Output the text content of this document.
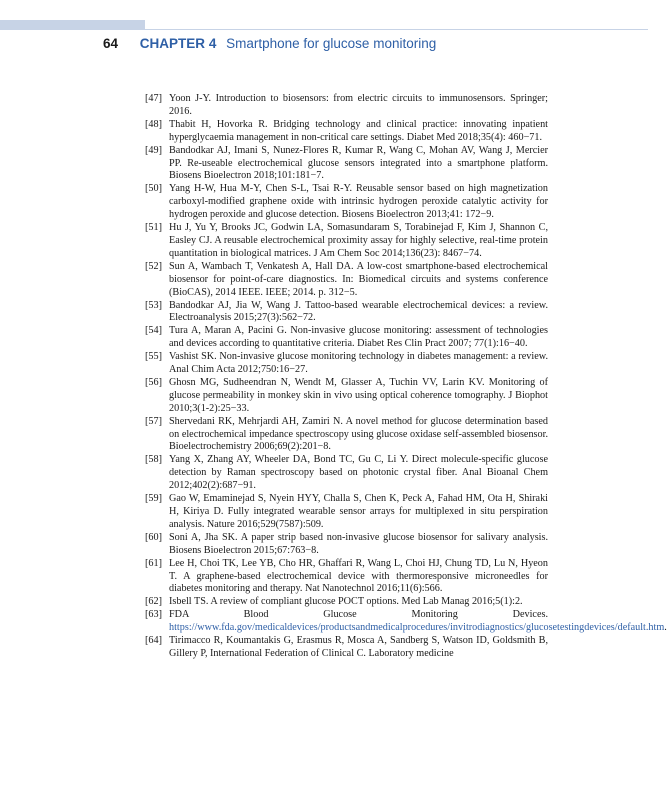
64 CHAPTER 4 Smartphone for glucose monitoring
[47] Yoon J-Y. Introduction to biosensors: from electric circuits to immunosensors. Springer; 2016.
[48] Thabit H, Hovorka R. Bridging technology and clinical practice: innovating inpatient hyperglycaemia management in non-critical care settings. Diabet Med 2018;35(4): 460−71.
[49] Bandodkar AJ, Imani S, Nunez-Flores R, Kumar R, Wang C, Mohan AV, Wang J, Mercier PP. Re-useable electrochemical glucose sensors integrated into a smartphone platform. Biosens Bioelectron 2018;101:181−7.
[50] Yang H-W, Hua M-Y, Chen S-L, Tsai R-Y. Reusable sensor based on high magnetization carboxyl-modified graphene oxide with intrinsic hydrogen peroxide catalytic activity for hydrogen peroxide and glucose detection. Biosens Bioelectron 2013;41: 172−9.
[51] Hu J, Yu Y, Brooks JC, Godwin LA, Somasundaram S, Torabinejad F, Kim J, Shannon C, Easley CJ. A reusable electrochemical proximity assay for highly selective, real-time protein quantitation in biological matrices. J Am Chem Soc 2014;136(23): 8467−74.
[52] Sun A, Wambach T, Venkatesh A, Hall DA. A low-cost smartphone-based electrochemical biosensor for point-of-care diagnostics. In: Biomedical circuits and systems conference (BioCAS), 2014 IEEE. IEEE; 2014. p. 312−5.
[53] Bandodkar AJ, Jia W, Wang J. Tattoo-based wearable electrochemical devices: a review. Electroanalysis 2015;27(3):562−72.
[54] Tura A, Maran A, Pacini G. Non-invasive glucose monitoring: assessment of technologies and devices according to quantitative criteria. Diabet Res Clin Pract 2007; 77(1):16−40.
[55] Vashist SK. Non-invasive glucose monitoring technology in diabetes management: a review. Anal Chim Acta 2012;750:16−27.
[56] Ghosn MG, Sudheendran N, Wendt M, Glasser A, Tuchin VV, Larin KV. Monitoring of glucose permeability in monkey skin in vivo using optical coherence tomography. J Biophot 2010;3(1-2):25−33.
[57] Shervedani RK, Mehrjardi AH, Zamiri N. A novel method for glucose determination based on electrochemical impedance spectroscopy using glucose oxidase self-assembled biosensor. Bioelectrochemistry 2006;69(2):201−8.
[58] Yang X, Zhang AY, Wheeler DA, Bond TC, Gu C, Li Y. Direct molecule-specific glucose detection by Raman spectroscopy based on photonic crystal fiber. Anal Bioanal Chem 2012;402(2):687−91.
[59] Gao W, Emaminejad S, Nyein HYY, Challa S, Chen K, Peck A, Fahad HM, Ota H, Shiraki H, Kiriya D. Fully integrated wearable sensor arrays for multiplexed in situ perspiration analysis. Nature 2016;529(7587):509.
[60] Soni A, Jha SK. A paper strip based non-invasive glucose biosensor for salivary analysis. Biosens Bioelectron 2015;67:763−8.
[61] Lee H, Choi TK, Lee YB, Cho HR, Ghaffari R, Wang L, Choi HJ, Chung TD, Lu N, Hyeon T. A graphene-based electrochemical device with thermoresponsive microneedles for diabetes monitoring and therapy. Nat Nanotechnol 2016;11(6):566.
[62] Isbell TS. A review of compliant glucose POCT options. Med Lab Manag 2016;5(1):2.
[63] FDA Blood Glucose Monitoring Devices. https://www.fda.gov/medicaldevices/productsandmedicalprocedures/invitrodiagnostics/glucosetestingdevices/default.htm.
[64] Tirimacco R, Koumantakis G, Erasmus R, Mosca A, Sandberg S, Watson ID, Goldsmith B, Gillery P, International Federation of Clinical C. Laboratory medicine
